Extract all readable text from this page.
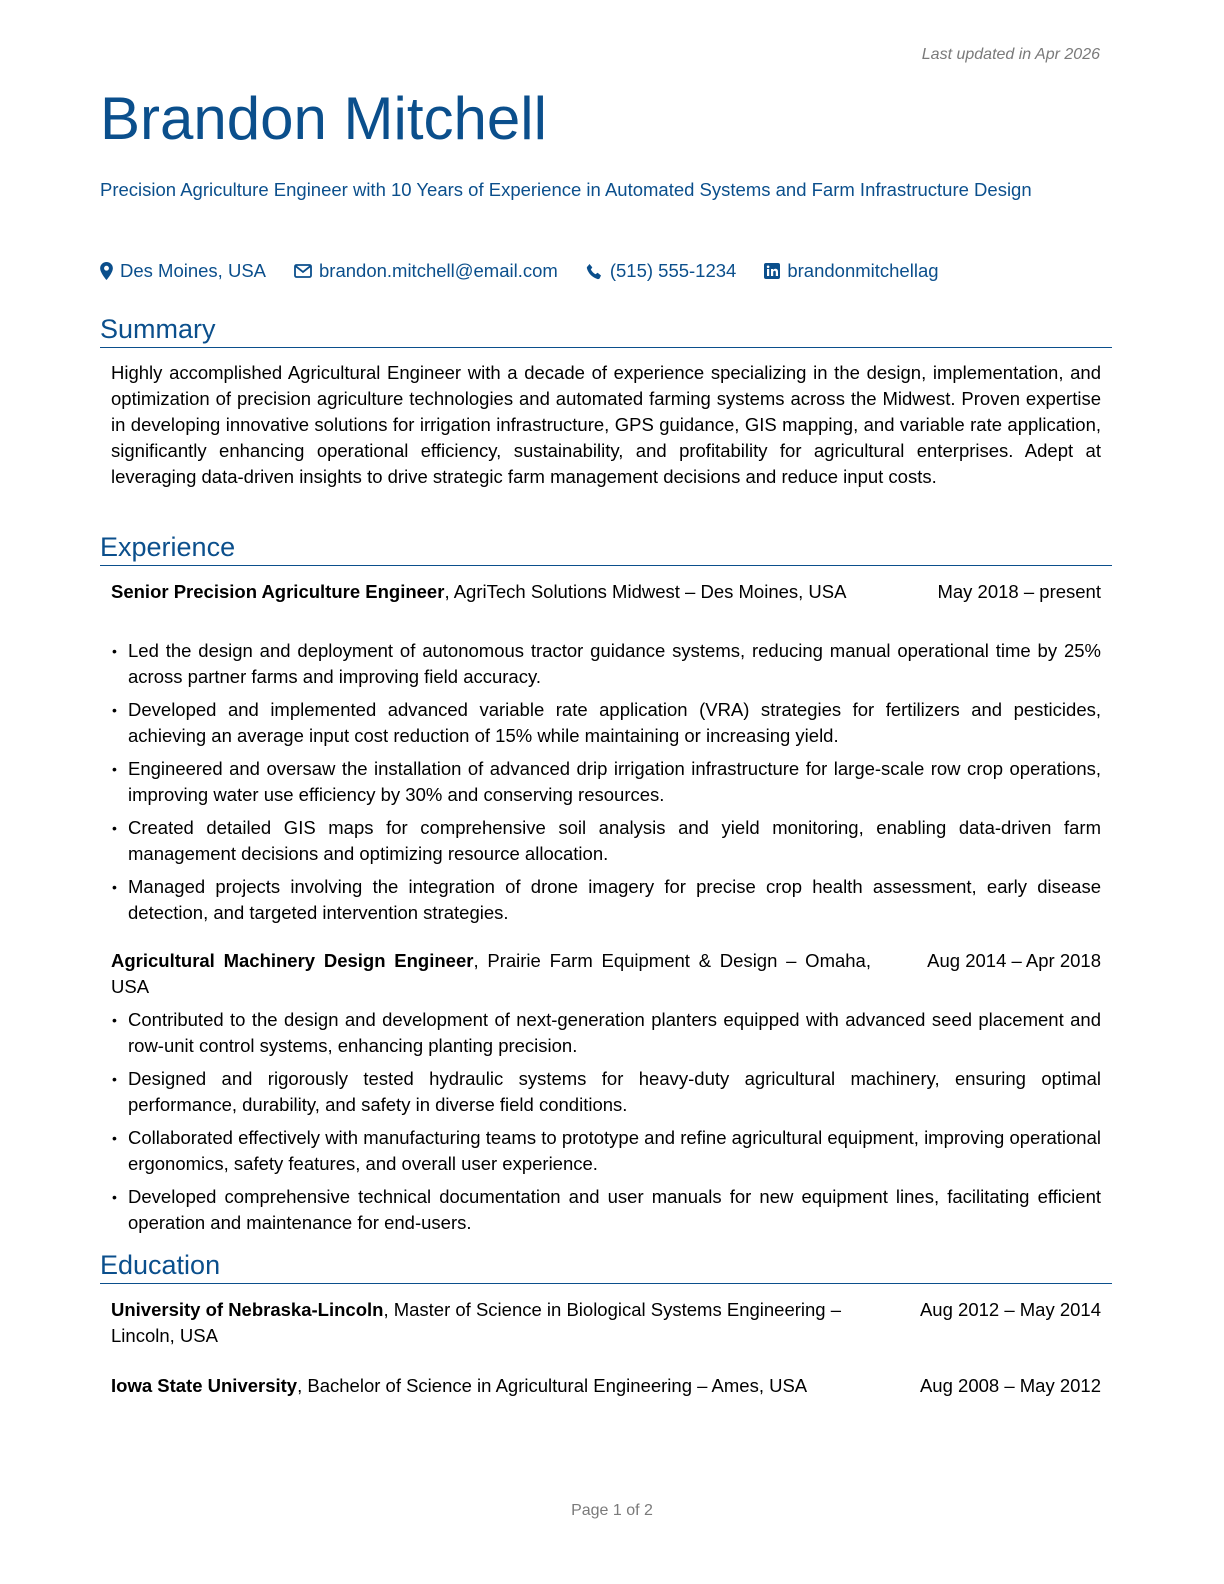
Last updated in Apr 2026
Brandon Mitchell
Precision Agriculture Engineer with 10 Years of Experience in Automated Systems and Farm Infrastructure Design
Des Moines, USA	brandon.mitchell@email.com	(515) 555-1234	brandonmitchellag
Summary
Highly accomplished Agricultural Engineer with a decade of experience specializing in the design, implementation, and optimization of precision agriculture technologies and automated farming systems across the Midwest. Proven expertise in developing innovative solutions for irrigation infrastructure, GPS guidance, GIS mapping, and variable rate application, significantly enhancing operational efficiency, sustainability, and profitability for agricultural enterprises. Adept at leveraging data-driven insights to drive strategic farm management decisions and reduce input costs.
Experience
Senior Precision Agriculture Engineer, AgriTech Solutions Midwest – Des Moines, USA	May 2018 – present
• Led the design and deployment of autonomous tractor guidance systems, reducing manual operational time by 25% across partner farms and improving field accuracy.
• Developed and implemented advanced variable rate application (VRA) strategies for fertilizers and pesticides, achieving an average input cost reduction of 15% while maintaining or increasing yield.
• Engineered and oversaw the installation of advanced drip irrigation infrastructure for large-scale row crop operations, improving water use efficiency by 30% and conserving resources.
• Created detailed GIS maps for comprehensive soil analysis and yield monitoring, enabling data-driven farm management decisions and optimizing resource allocation.
• Managed projects involving the integration of drone imagery for precise crop health assessment, early disease detection, and targeted intervention strategies.
Agricultural Machinery Design Engineer, Prairie Farm Equipment & Design – Omaha, USA
Aug 2014 – Apr 2018
• Contributed to the design and development of next-generation planters equipped with advanced seed placement and row-unit control systems, enhancing planting precision.
• Designed and rigorously tested hydraulic systems for heavy-duty agricultural machinery, ensuring optimal performance, durability, and safety in diverse field conditions.
• Collaborated effectively with manufacturing teams to prototype and refine agricultural equipment, improving operational ergonomics, safety features, and overall user experience.
• Developed comprehensive technical documentation and user manuals for new equipment lines, facilitating efficient operation and maintenance for end-users.
Education
University of Nebraska-Lincoln, Master of Science in Biological Systems Engineering – Lincoln, USA
Aug 2012 – May 2014
Iowa State University, Bachelor of Science in Agricultural Engineering – Ames, USA	Aug 2008 – May 2012
Page 1 of 2
